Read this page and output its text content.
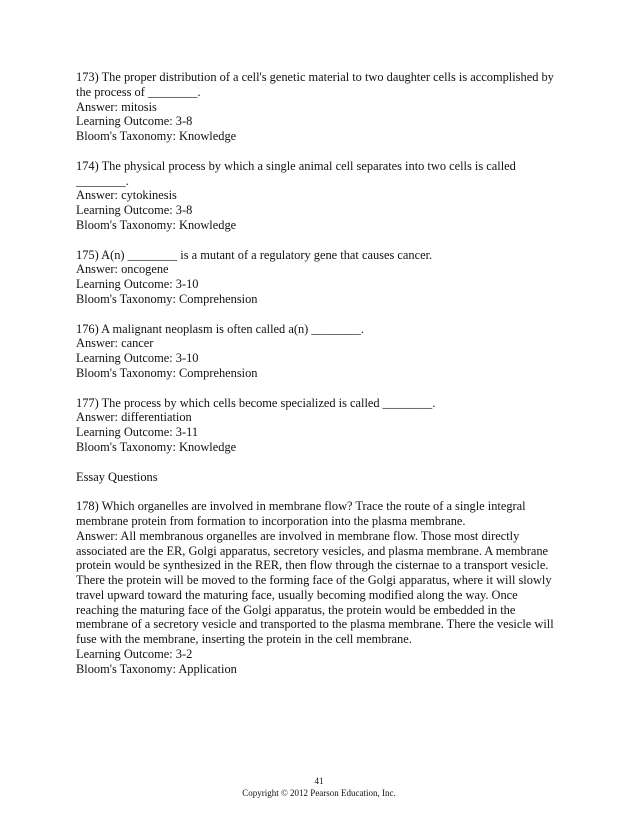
173) The proper distribution of a cell's genetic material to two daughter cells is accomplished by
the process of ________.
Answer: mitosis
Learning Outcome: 3-8
Bloom's Taxonomy: Knowledge
174) The physical process by which a single animal cell separates into two cells is called
________.
Answer: cytokinesis
Learning Outcome: 3-8
Bloom's Taxonomy: Knowledge
175) A(n) ________ is a mutant of a regulatory gene that causes cancer.
Answer: oncogene
Learning Outcome: 3-10
Bloom's Taxonomy: Comprehension
176) A malignant neoplasm is often called a(n) ________.
Answer: cancer
Learning Outcome: 3-10
Bloom's Taxonomy: Comprehension
177) The process by which cells become specialized is called ________.
Answer: differentiation
Learning Outcome: 3-11
Bloom's Taxonomy: Knowledge
Essay Questions
178) Which organelles are involved in membrane flow? Trace the route of a single integral
membrane protein from formation to incorporation into the plasma membrane.
Answer: All membranous organelles are involved in membrane flow. Those most directly
associated are the ER, Golgi apparatus, secretory vesicles, and plasma membrane. A membrane
protein would be synthesized in the RER, then flow through the cisternae to a transport vesicle.
There the protein will be moved to the forming face of the Golgi apparatus, where it will slowly
travel upward toward the maturing face, usually becoming modified along the way. Once
reaching the maturing face of the Golgi apparatus, the protein would be embedded in the
membrane of a secretory vesicle and transported to the plasma membrane. There the vesicle will
fuse with the membrane, inserting the protein in the cell membrane.
Learning Outcome: 3-2
Bloom's Taxonomy: Application
41
Copyright © 2012 Pearson Education, Inc.
